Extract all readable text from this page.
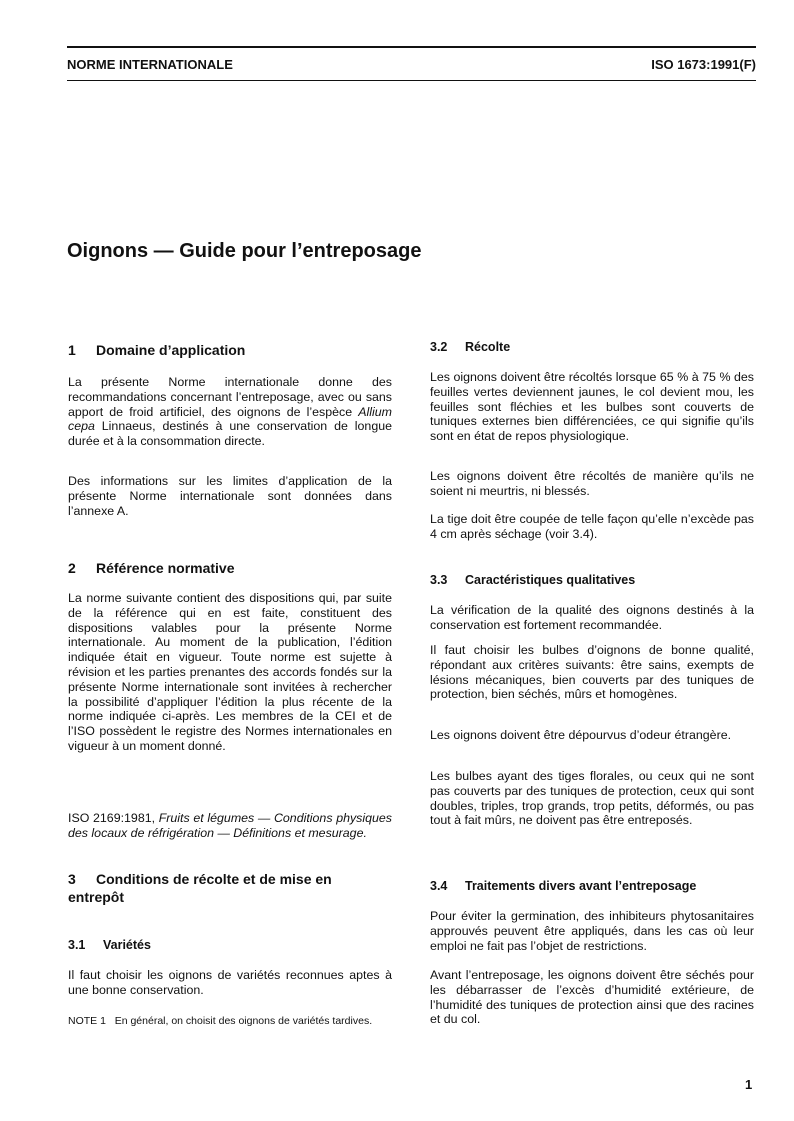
NORME INTERNATIONALE	ISO 1673:1991(F)
Oignons — Guide pour l’entreposage
1 Domaine d’application
La présente Norme internationale donne des recommandations concernant l’entreposage, avec ou sans apport de froid artificiel, des oignons de l’espèce Allium cepa Linnaeus, destinés à une conservation de longue durée et à la consommation directe.
Des informations sur les limites d’application de la présente Norme internationale sont données dans l’annexe A.
2 Référence normative
La norme suivante contient des dispositions qui, par suite de la référence qui en est faite, constituent des dispositions valables pour la présente Norme internationale. Au moment de la publication, l’édition indiquée était en vigueur. Toute norme est sujette à révision et les parties prenantes des accords fondés sur la présente Norme internationale sont invitées à rechercher la possibilité d’appliquer l’édition la plus récente de la norme indiquée ci-après. Les membres de la CEI et de l’ISO possèdent le registre des Normes internationales en vigueur à un moment donné.
ISO 2169:1981, Fruits et légumes — Conditions physiques des locaux de réfrigération — Définitions et mesurage.
3 Conditions de récolte et de mise en entrepôt
3.1 Variétés
Il faut choisir les oignons de variétés reconnues aptes à une bonne conservation.
NOTE 1 En général, on choisit des oignons de variétés tardives.
3.2 Récolte
Les oignons doivent être récoltés lorsque 65 % à 75 % des feuilles vertes deviennent jaunes, le col devient mou, les feuilles sont fléchies et les bulbes sont couverts de tuniques externes bien différenciées, ce qui signifie qu’ils sont en état de repos physiologique.
Les oignons doivent être récoltés de manière qu’ils ne soient ni meurtris, ni blessés.
La tige doit être coupée de telle façon qu’elle n’excède pas 4 cm après séchage (voir 3.4).
3.3 Caractéristiques qualitatives
La vérification de la qualité des oignons destinés à la conservation est fortement recommandée.
Il faut choisir les bulbes d’oignons de bonne qualité, répondant aux critères suivants: être sains, exempts de lésions mécaniques, bien couverts par des tuniques de protection, bien séchés, mûrs et homogènes.
Les oignons doivent être dépourvus d’odeur étrangère.
Les bulbes ayant des tiges florales, ou ceux qui ne sont pas couverts par des tuniques de protection, ceux qui sont doubles, triples, trop grands, trop petits, déformés, ou pas tout à fait mûrs, ne doivent pas être entreposés.
3.4 Traitements divers avant l’entreposage
Pour éviter la germination, des inhibiteurs phytosanitaires approuvés peuvent être appliqués, dans les cas où leur emploi ne fait pas l’objet de restrictions.
Avant l’entreposage, les oignons doivent être séchés pour les débarrasser de l’excès d’humidité extérieure, de l’humidité des tuniques de protection ainsi que des racines et du col.
1
